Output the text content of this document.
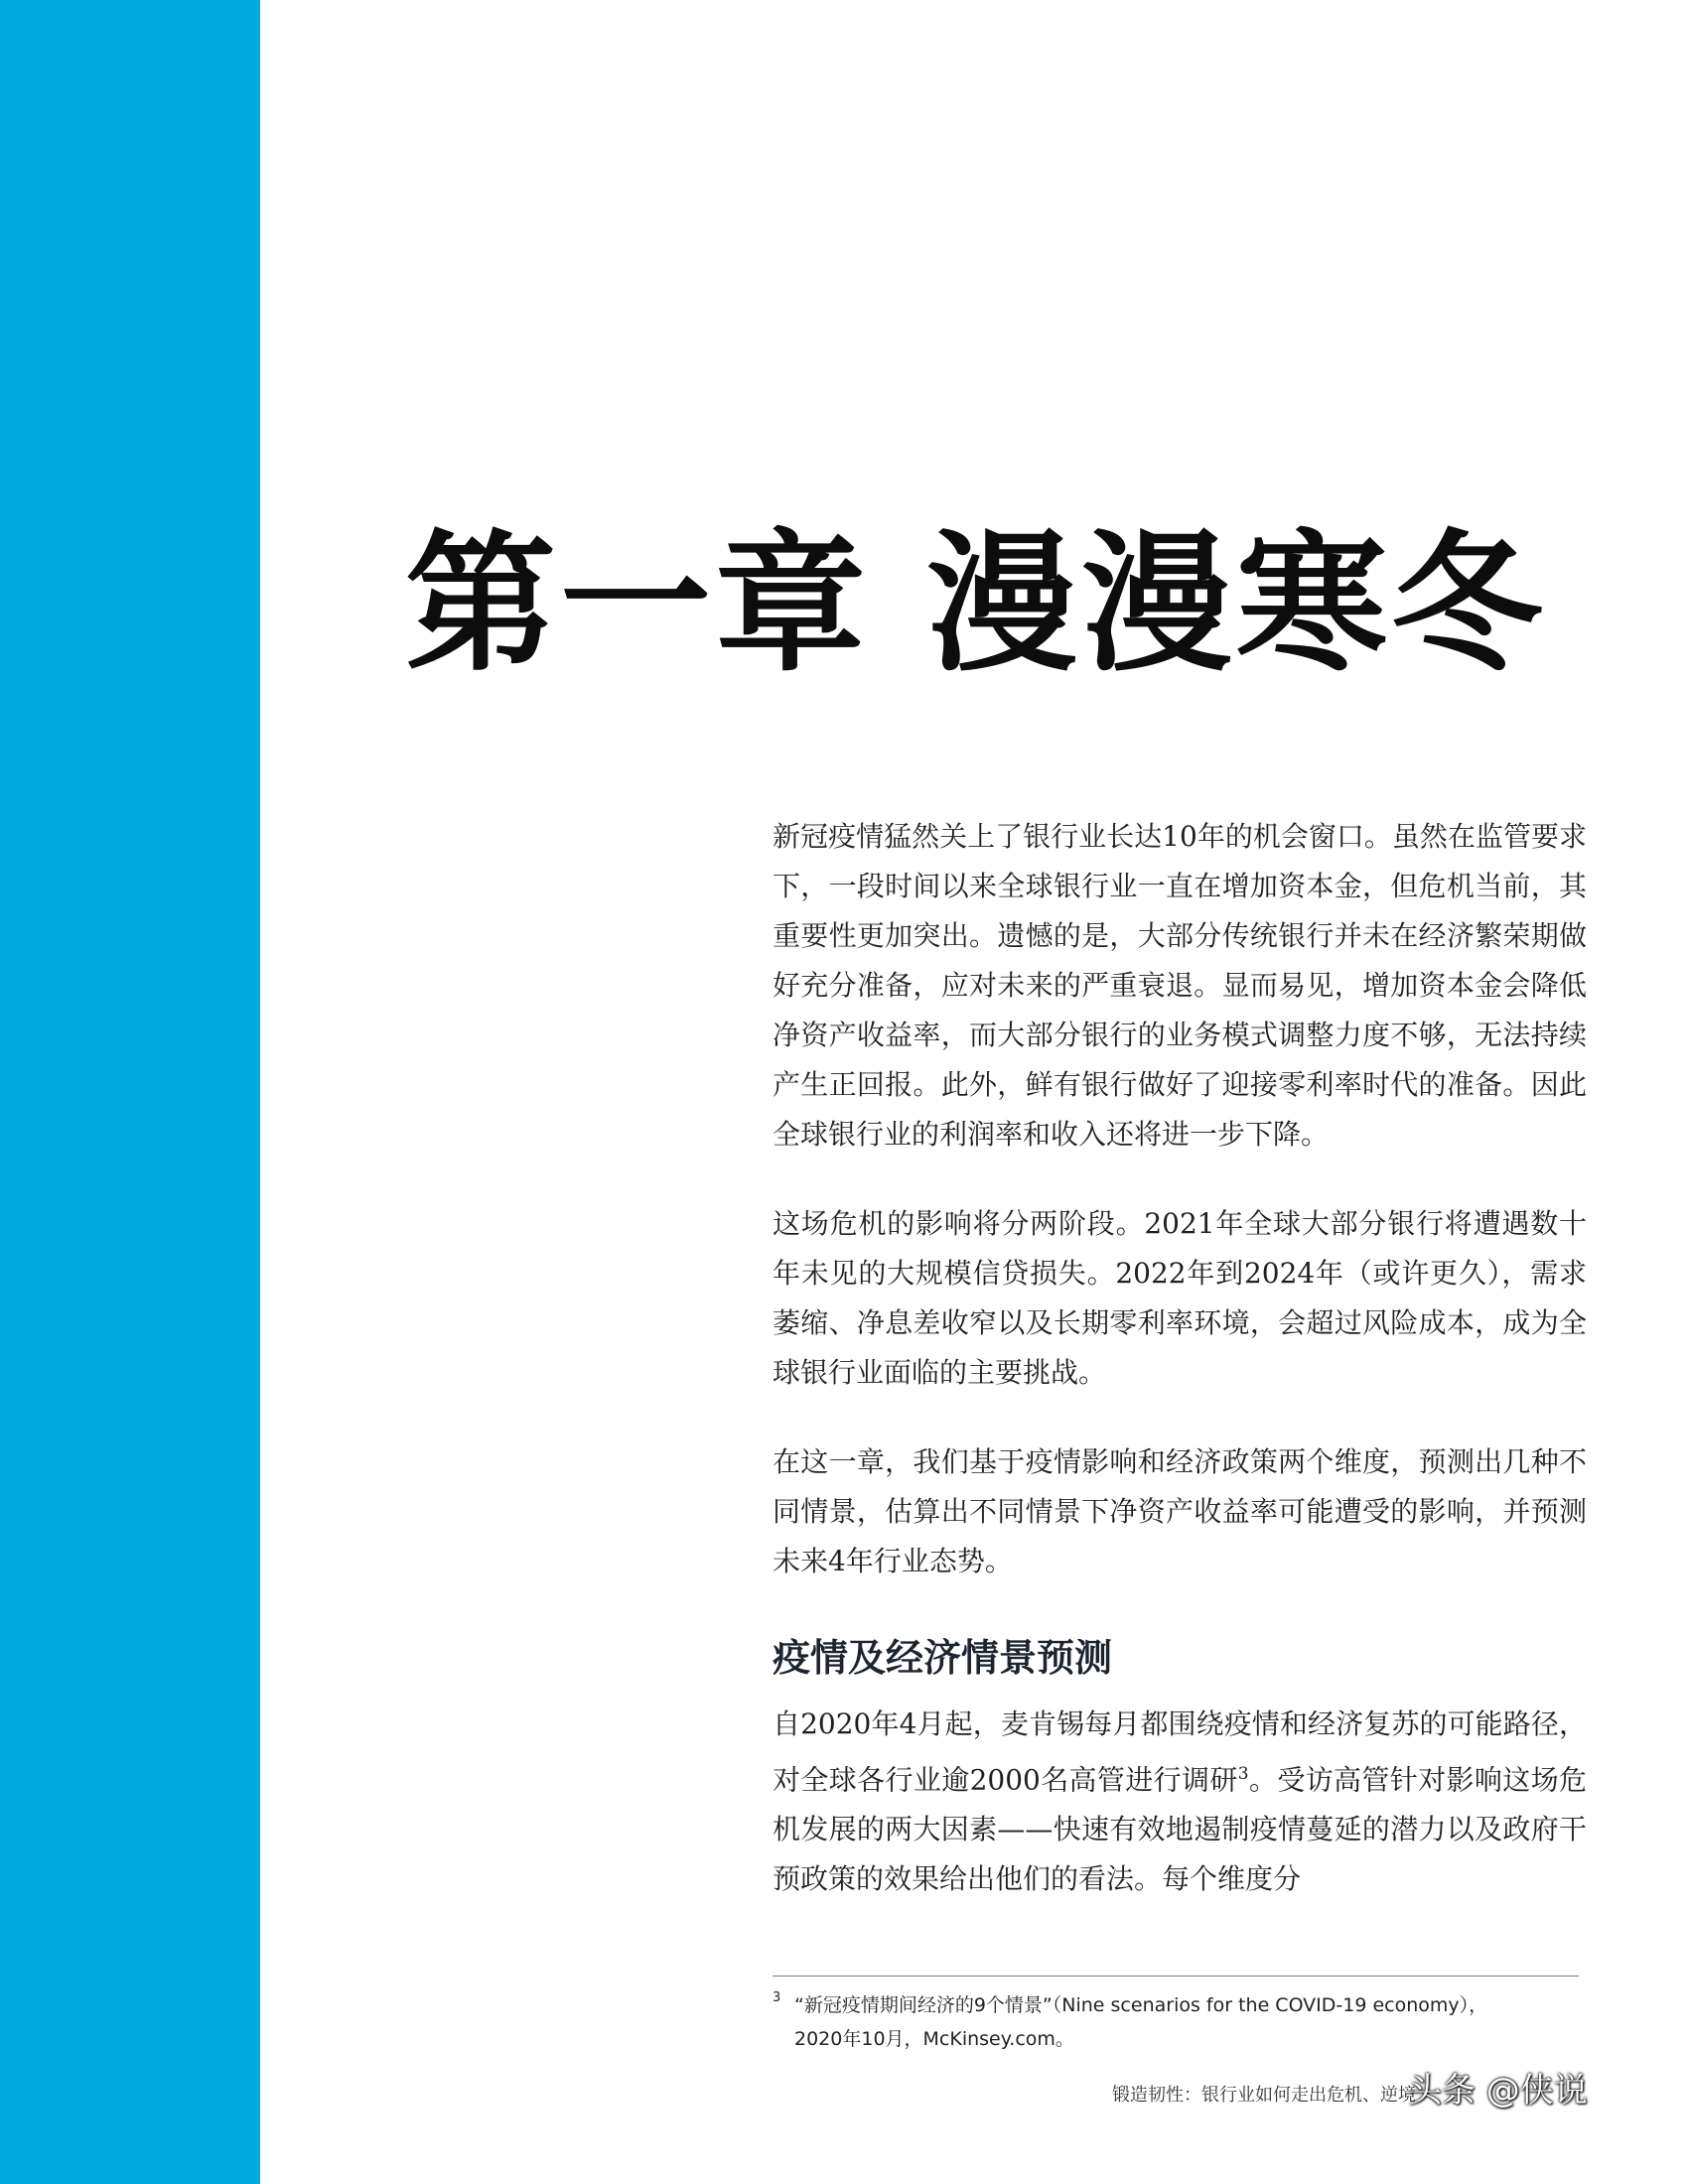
第一章 漫漫寒冬

新冠疫情猛然关上了银行业长达10年的机会窗口。虽然在监管要求下，一段时间以来全球银行业一直在增加资本金，但危机当前，其重要性更加突出。遗憾的是，大部分传统银行并未在经济繁荣期做好充分准备，应对未来的严重衰退。显而易见，增加资本金会降低净资产收益率，而大部分银行的业务模式调整力度不够，无法持续产生正回报。此外，鲜有银行做好了迎接零利率时代的准备。因此全球银行业的利润率和收入还将进一步下降。

这场危机的影响将分两阶段。2021年全球大部分银行将遭遇数十年未见的大规模信贷损失。2022年到2024年（或许更久），需求萎缩、净息差收窄以及长期零利率环境，会超过风险成本，成为全球银行业面临的主要挑战。

在这一章，我们基于疫情影响和经济政策两个维度，预测出几种不同情景，估算出不同情景下净资产收益率可能遭受的影响，并预测未来4年行业态势。

疫情及经济情景预测

自2020年4月起，麦肯锡每月都围绕疫情和经济复苏的可能路径，对全球各行业逾2000名高管进行调研$^3$。受访高管针对影响这场危机发展的两大因素——快速有效地遏制疫情蔓延的潜力以及政府干预政策的效果给出他们的看法。每个维度分

3 “新冠疫情期间经济的9个情景”（Nine scenarios for the COVID-19 economy），
2020年10月，McKinsey.com。
锻造韧性：银行业如何走出危机、逆境
头条 @侠说
